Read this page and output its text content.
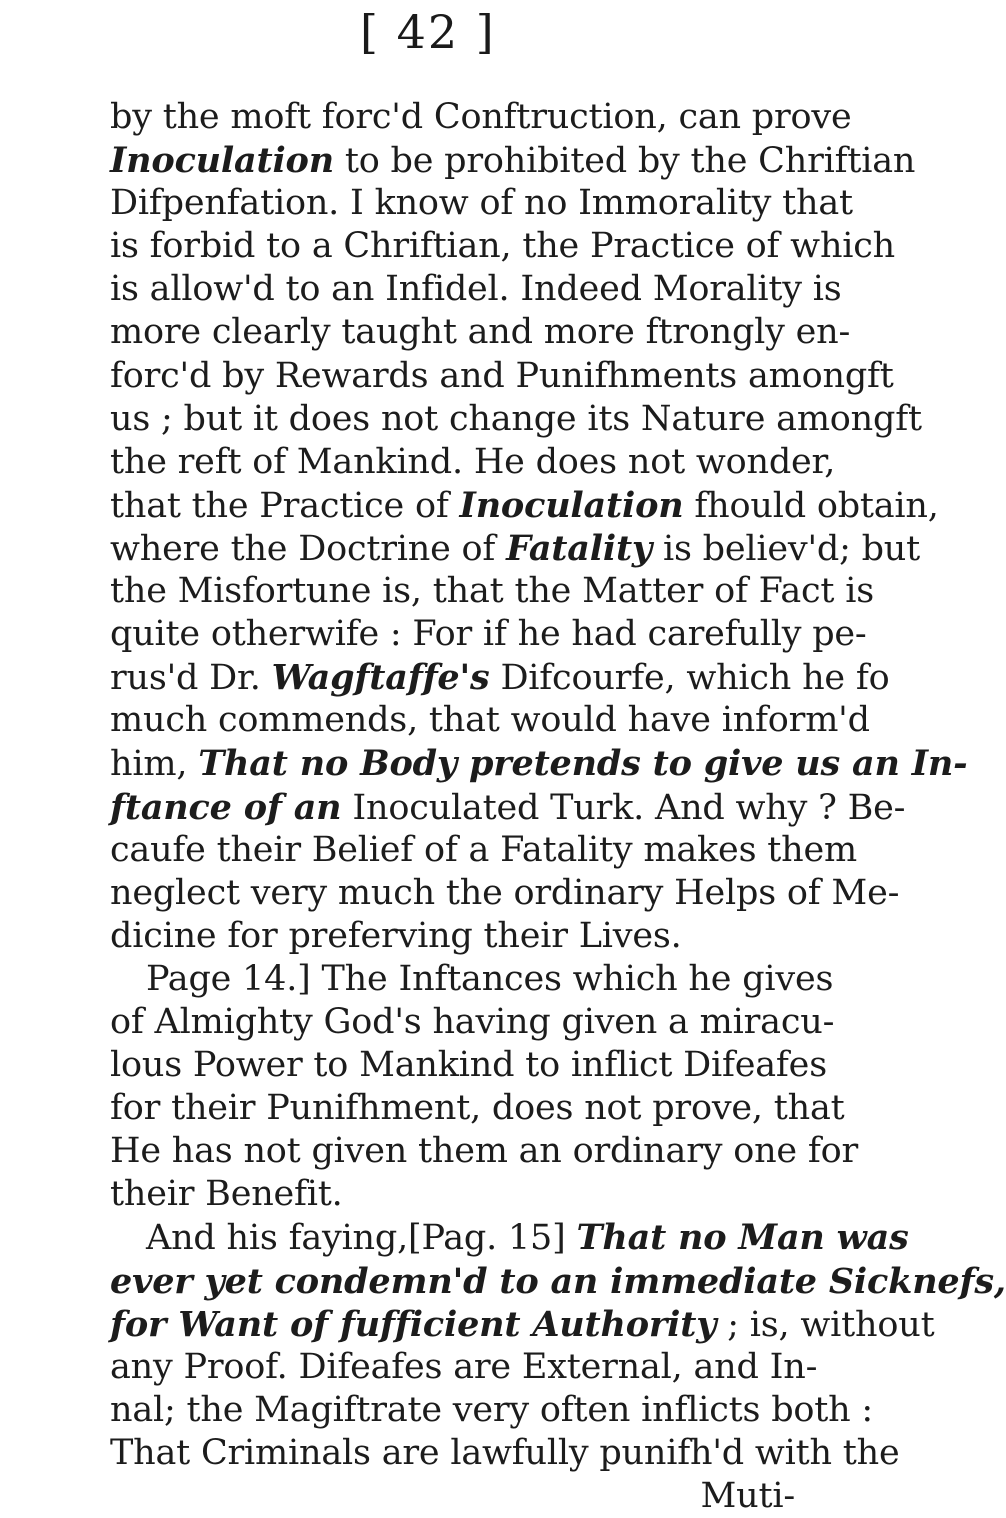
[ 42 ]
by the moft forc'd Conftruction, can prove
Inoculation to be prohibited by the Chriftian
Difpenfation. I know of no Immorality that
is forbid to a Chriftian, the Practice of which
is allow'd to an Infidel. Indeed Morality is
more clearly taught and more ftrongly en-
forc'd by Rewards and Punifhments amongft
us ; but it does not change its Nature amongft
the reft of Mankind. He does not wonder,
that the Practice of Inoculation fhould obtain,
where the Doctrine of Fatality is believ'd; but
the Misfortune is, that the Matter of Fact is
quite otherwife : For if he had carefully pe-
rus'd Dr. Wagftaffe's Difcourfe, which he fo
much commends, that would have inform'd
him, That no Body pretends to give us an In-
ftance of an Inoculated Turk. And why ? Be-
caufe their Belief of a Fatality makes them
neglect very much the ordinary Helps of Me-
dicine for preferving their Lives.
Page 14.] The Inftances which he gives
of Almighty God's having given a miracu-
lous Power to Mankind to inflict Difeafes
for their Punifhment, does not prove, that
He has not given them an ordinary one for
their Benefit.
And his faying,[Pag. 15] That no Man was
ever yet condemn'd to an immediate Sicknefs,
for Want of fufficient Authority ; is, without
any Proof. Difeafes are External, and In-
nal; the Magiftrate very often inflicts both :
That Criminals are lawfully punifh'd with the
Muti-
